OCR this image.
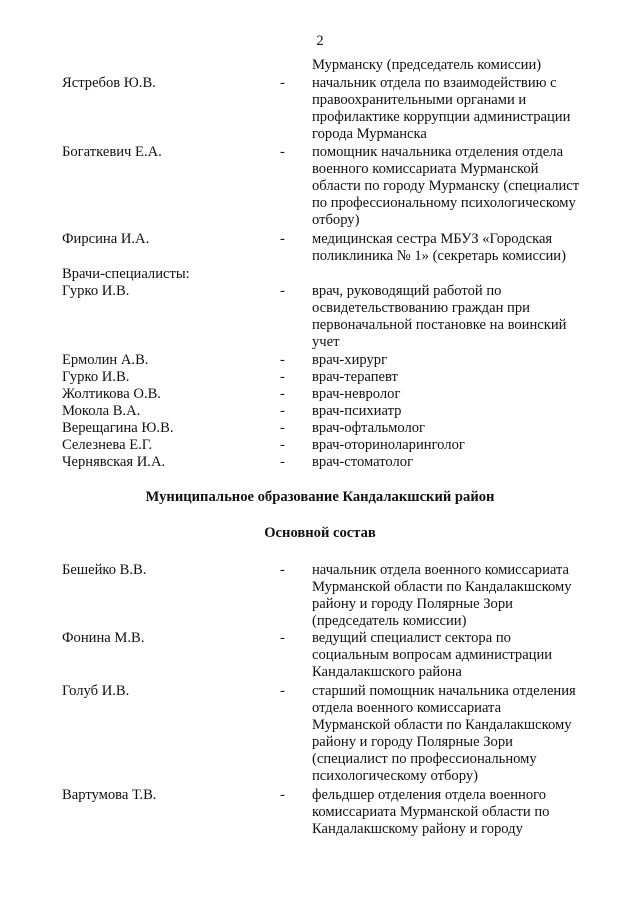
2
Мурманску (председатель комиссии)
Ястребов Ю.В.	- начальник отдела по взаимодействию с
правоохранительными органами и
профилактике коррупции администрации
города Мурманска
Богаткевич Е.А.	- помощник начальника отделения отдела
военного комиссариата Мурманской
области по городу Мурманску (специалист
по профессиональному психологическому
отбору)
Фирсина И.А.	- медицинская сестра МБУЗ «Городская
поликлиника № 1» (секретарь комиссии)
Врачи-специалисты:
Гурко И.В.	- врач, руководящий работой по
освидетельствованию граждан при
первоначальной постановке на воинский
учет
Ермолин А.В.	- врач-хирург
Гурко И.В.	- врач-терапевт
Жолтикова О.В.	- врач-невролог
Мокола В.А.	- врач-психиатр
Верещагина Ю.В.	- врач-офтальмолог
Селезнева Е.Г.	- врач-оториноларинголог
Чернявская И.А.	- врач-стоматолог
Муниципальное образование Кандалакшский район
Основной состав
Бешейко В.В.	- начальник отдела военного комиссариата
Мурманской области по Кандалакшскому
району и городу Полярные Зори
(председатель комиссии)
Фонина М.В.	- ведущий специалист сектора по
социальным вопросам администрации
Кандалакшского района
Голуб И.В.	- старший помощник начальника отделения
отдела военного комиссариата
Мурманской области по Кандалакшскому
району и городу Полярные Зори
(специалист по профессиональному
психологическому отбору)
Вартумова Т.В.	- фельдшер отделения отдела военного
комиссариата Мурманской области по
Кандалакшскому району и городу
